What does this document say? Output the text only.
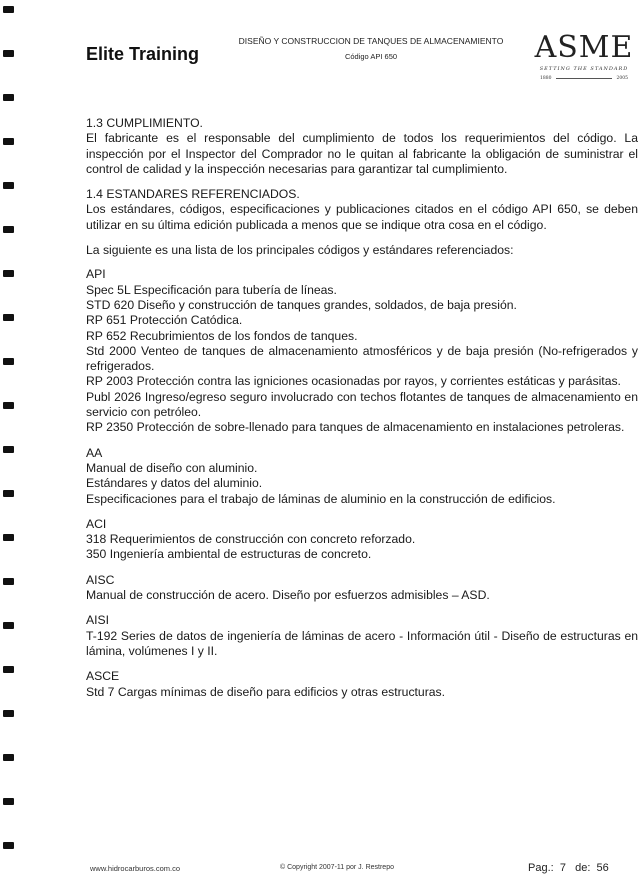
Elite Training
DISEÑO Y CONSTRUCCION DE TANQUES DE ALMACENAMIENTO
Código API 650	ASME
SETTING THE STANDARD
1880	2005

1.3 CUMPLIMIENTO.

El fabricante es el responsable del cumplimiento de todos los requerimientos del código. La inspección por el Inspector del Comprador no le quitan al fabricante la obligación de suministrar el control de calidad y la inspección necesarias para garantizar tal cumplimiento.

1.4 ESTANDARES REFERENCIADOS.

Los estándares, códigos, especificaciones y publicaciones citados en el código API 650, se deben utilizar en su última edición publicada a menos que se indique otra cosa en el código.

La siguiente es una lista de los principales códigos y estándares referenciados:

API

Spec 5L Especificación para tubería de líneas.

STD 620 Diseño y construcción de tanques grandes, soldados, de baja presión.

RP 651 Protección Catódica.

RP 652 Recubrimientos de los fondos de tanques.

Std 2000 Venteo de tanques de almacenamiento atmosféricos y de baja presión (No-refrigerados y refrigerados.

RP 2003 Protección contra las igniciones ocasionadas por rayos, y corrientes estáticas y parásitas.

Publ 2026 Ingreso/egreso seguro involucrado con techos flotantes de tanques de almacenamiento en servicio con petróleo.

RP 2350 Protección de sobre-llenado para tanques de almacenamiento en instalaciones petroleras.

AA

Manual de diseño con aluminio.

Estándares y datos del aluminio.

Especificaciones para el trabajo de láminas de aluminio en la construcción de edificios.

ACI

318 Requerimientos de construcción con concreto reforzado.

350 Ingeniería ambiental de estructuras de concreto.

AISC

Manual de construcción de acero. Diseño por esfuerzos admisibles – ASD.

AISI

T-192 Series de datos de ingeniería de láminas de acero - Información útil - Diseño de estructuras en lámina, volúmenes I y II.

ASCE

Std 7 Cargas mínimas de diseño para edificios y otras estructuras.

www.hidrocarburos.com.co	© Copyright 2007-11 por J. Restrepo	Pag.: 7 de: 56
